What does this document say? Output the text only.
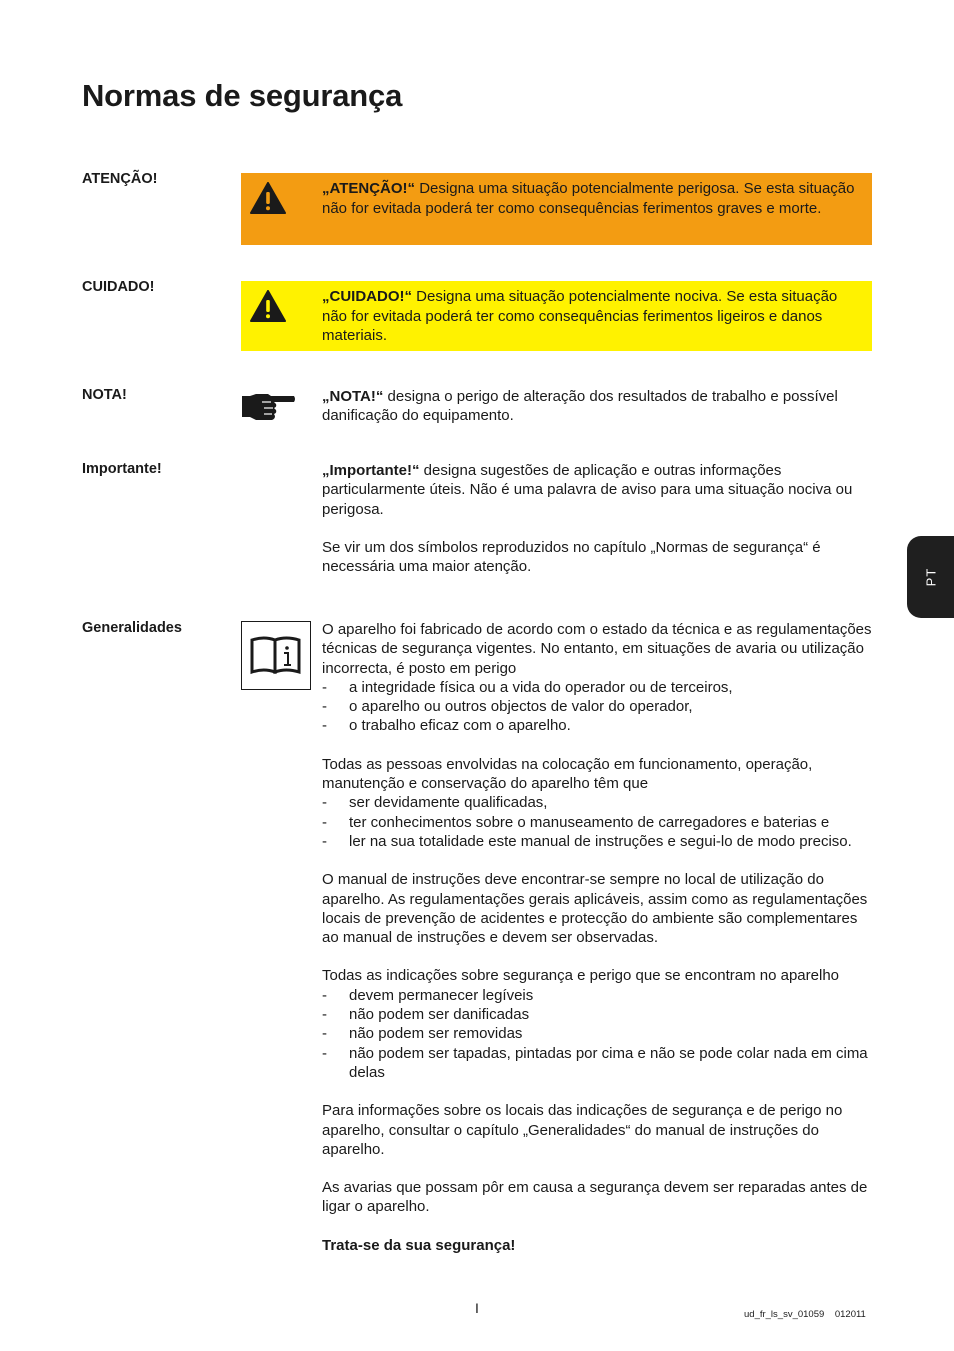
Normas de segurança
ATENÇÃO!
„ATENÇÃO!“ Designa uma situação potencialmente perigosa. Se esta situação não for evitada poderá ter como consequências ferimentos graves e morte.
CUIDADO!
„CUIDADO!“ Designa uma situação potencialmente nociva. Se esta situação não for evitada poderá ter como consequências ferimentos ligeiros e danos materiais.
NOTA!	„NOTA!“ designa o perigo de alteração dos resultados de trabalho e possível danificação do equipamento.
Importante!	„Importante!“ designa sugestões de aplicação e outras informações particularmente úteis. Não é uma palavra de aviso para uma situação nociva ou perigosa.
Se vir um dos símbolos reproduzidos no capítulo „Normas de segurança“ é necessária uma maior atenção.
PT
Generalidades	O aparelho foi fabricado de acordo com o estado da técnica e as regulamentações técnicas de segurança vigentes. No entanto, em situações de avaria ou utilização incorrecta, é posto em perigo
- a integridade física ou a vida do operador ou de terceiros,
- o aparelho ou outros objectos de valor do operador,
- o trabalho eficaz com o aparelho.
Todas as pessoas envolvidas na colocação em funcionamento, operação, manutenção e conservação do aparelho têm que
- ser devidamente qualificadas,
- ter conhecimentos sobre o manuseamento de carregadores e baterias e
- ler na sua totalidade este manual de instruções e segui-lo de modo preciso.
O manual de instruções deve encontrar-se sempre no local de utilização do aparelho. As regulamentações gerais aplicáveis, assim como as regulamentações locais de prevenção de acidentes e protecção do ambiente são complementares ao manual de instruções e devem ser observadas.
Todas as indicações sobre segurança e perigo que se encontram no aparelho
- devem permanecer legíveis
- não podem ser danificadas
- não podem ser removidas
- não podem ser tapadas, pintadas por cima e não se pode colar nada em cima delas
Para informações sobre os locais das indicações de segurança e de perigo no aparelho, consultar o capítulo „Generalidades“ do manual de instruções do aparelho.
As avarias que possam pôr em causa a segurança devem ser reparadas antes de ligar o aparelho.
Trata-se da sua segurança!
I	ud_fr_ls_sv_01059    012011
